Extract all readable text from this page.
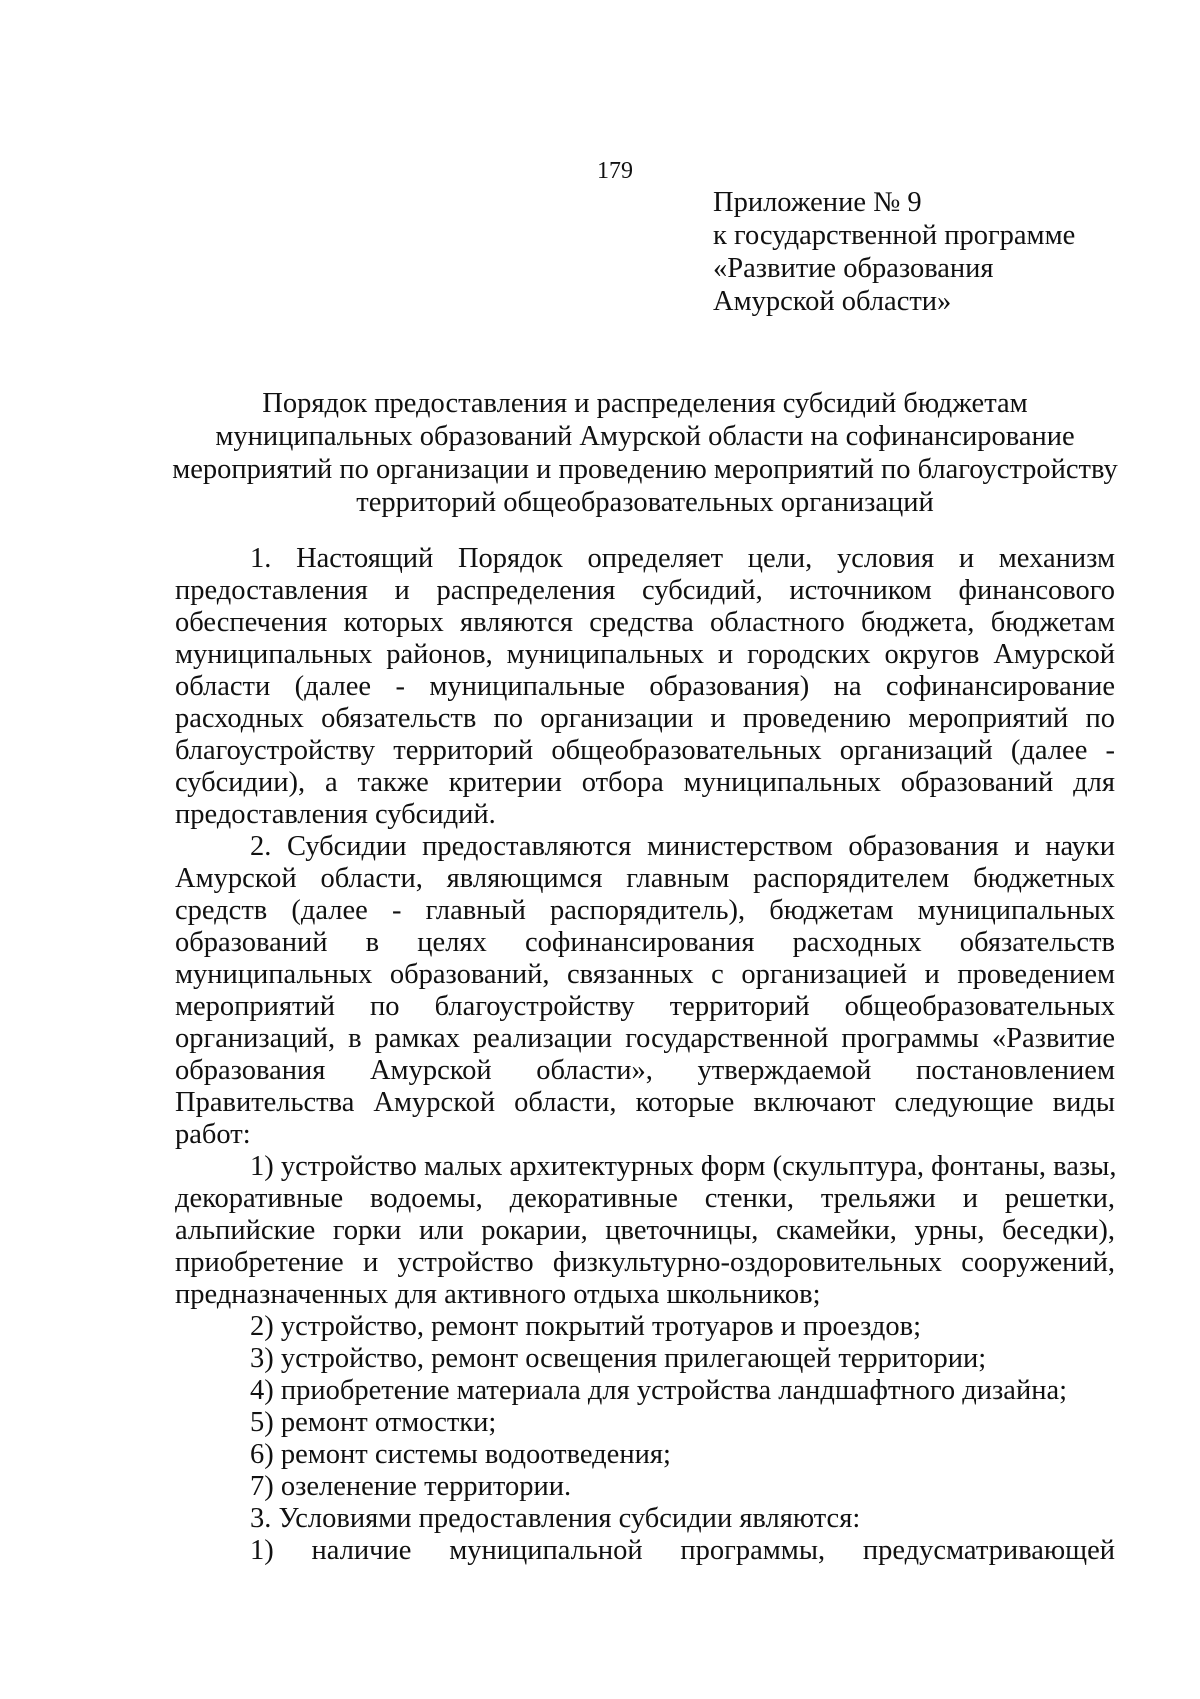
179
Приложение № 9
к государственной программе
«Развитие образования
Амурской области»
Порядок предоставления и распределения субсидий бюджетам
муниципальных образований Амурской области на софинансирование
мероприятий по организации и проведению мероприятий по благоустройству
территорий общеобразовательных организаций
1. Настоящий Порядок определяет цели, условия и механизм
предоставления и распределения субсидий, источником финансового
обеспечения которых являются средства областного бюджета, бюджетам
муниципальных районов, муниципальных и городских округов Амурской
области (далее - муниципальные образования) на софинансирование
расходных обязательств по организации и проведению мероприятий по
благоустройству территорий общеобразовательных организаций (далее -
субсидии), а также критерии отбора муниципальных образований для
предоставления субсидий.
2. Субсидии предоставляются министерством образования и науки
Амурской области, являющимся главным распорядителем бюджетных
средств (далее - главный распорядитель), бюджетам муниципальных
образований в целях софинансирования расходных обязательств
муниципальных образований, связанных с организацией и проведением
мероприятий по благоустройству территорий общеобразовательных
организаций, в рамках реализации государственной программы «Развитие
образования Амурской области», утверждаемой постановлением
Правительства Амурской области, которые включают следующие виды
работ:
1) устройство малых архитектурных форм (скульптура, фонтаны, вазы,
декоративные водоемы, декоративные стенки, трельяжи и решетки,
альпийские горки или рокарии, цветочницы, скамейки, урны, беседки),
приобретение и устройство физкультурно-оздоровительных сооружений,
предназначенных для активного отдыха школьников;
2) устройство, ремонт покрытий тротуаров и проездов;
3) устройство, ремонт освещения прилегающей территории;
4) приобретение материала для устройства ландшафтного дизайна;
5) ремонт отмостки;
6) ремонт системы водоотведения;
7) озеленение территории.
3. Условиями предоставления субсидии являются:
1) наличие муниципальной программы, предусматривающей
